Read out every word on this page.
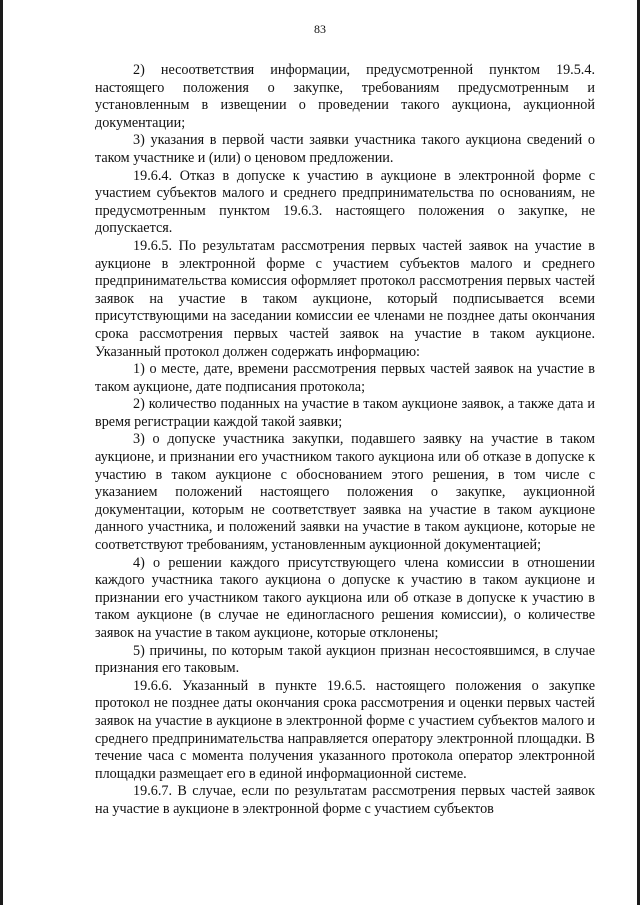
83

2) несоответствия информации, предусмотренной пунктом 19.5.4. настоящего положения о закупке, требованиям предусмотренным и установленным в извещении о проведении такого аукциона, аукционной документации;

3) указания в первой части заявки участника такого аукциона сведений о таком участнике и (или) о ценовом предложении.

19.6.4. Отказ в допуске к участию в аукционе в электронной форме с участием субъектов малого и среднего предпринимательства по основаниям, не предусмотренным пунктом 19.6.3. настоящего положения о закупке, не допускается.

19.6.5. По результатам рассмотрения первых частей заявок на участие в аукционе в электронной форме с участием субъектов малого и среднего предпринимательства комиссия оформляет протокол рассмотрения первых частей заявок на участие в таком аукционе, который подписывается всеми присутствующими на заседании комиссии ее членами не позднее даты окончания срока рассмотрения первых частей заявок на участие в таком аукционе. Указанный протокол должен содержать информацию:

1) о месте, дате, времени рассмотрения первых частей заявок на участие в таком аукционе, дате подписания протокола;

2) количество поданных на участие в таком аукционе заявок, а также дата и время регистрации каждой такой заявки;

3) о допуске участника закупки, подавшего заявку на участие в таком аукционе, и признании его участником такого аукциона или об отказе в допуске к участию в таком аукционе с обоснованием этого решения, в том числе с указанием положений настоящего положения о закупке, аукционной документации, которым не соответствует заявка на участие в таком аукционе данного участника, и положений заявки на участие в таком аукционе, которые не соответствуют требованиям, установленным аукционной документацией;

4) о решении каждого присутствующего члена комиссии в отношении каждого участника такого аукциона о допуске к участию в таком аукционе и признании его участником такого аукциона или об отказе в допуске к участию в таком аукционе (в случае не единогласного решения комиссии), о количестве заявок на участие в таком аукционе, которые отклонены;

5) причины, по которым такой аукцион признан несостоявшимся, в случае признания его таковым.

19.6.6. Указанный в пункте 19.6.5. настоящего положения о закупке протокол не позднее даты окончания срока рассмотрения и оценки первых частей заявок на участие в аукционе в электронной форме с участием субъектов малого и среднего предпринимательства направляется оператору электронной площадки. В течение часа с момента получения указанного протокола оператор электронной площадки размещает его в единой информационной системе.

19.6.7. В случае, если по результатам рассмотрения первых частей заявок на участие в аукционе в электронной форме с участием субъектов
